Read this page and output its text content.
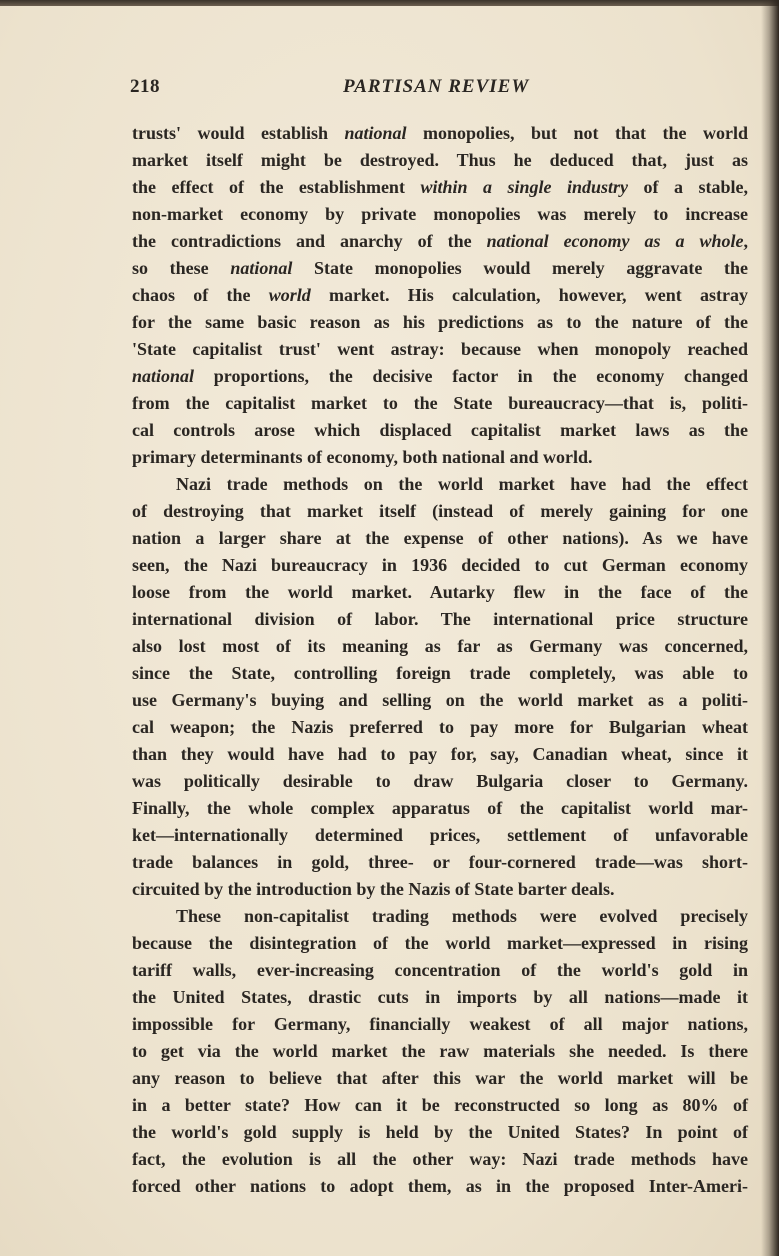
218	PARTISAN REVIEW
trusts' would establish national monopolies, but not that the world
market itself might be destroyed. Thus he deduced that, just as
the effect of the establishment within a single industry of a stable,
non-market economy by private monopolies was merely to increase
the contradictions and anarchy of the national economy as a whole,
so these national State monopolies would merely aggravate the
chaos of the world market. His calculation, however, went astray
for the same basic reason as his predictions as to the nature of the
'State capitalist trust' went astray: because when monopoly reached
national proportions, the decisive factor in the economy changed
from the capitalist market to the State bureaucracy—that is, politi-
cal controls arose which displaced capitalist market laws as the
primary determinants of economy, both national and world.
Nazi trade methods on the world market have had the effect
of destroying that market itself (instead of merely gaining for one
nation a larger share at the expense of other nations). As we have
seen, the Nazi bureaucracy in 1936 decided to cut German economy
loose from the world market. Autarky flew in the face of the
international division of labor. The international price structure
also lost most of its meaning as far as Germany was concerned,
since the State, controlling foreign trade completely, was able to
use Germany's buying and selling on the world market as a politi-
cal weapon; the Nazis preferred to pay more for Bulgarian wheat
than they would have had to pay for, say, Canadian wheat, since it
was politically desirable to draw Bulgaria closer to Germany.
Finally, the whole complex apparatus of the capitalist world mar-
ket—internationally determined prices, settlement of unfavorable
trade balances in gold, three- or four-cornered trade—was short-
circuited by the introduction by the Nazis of State barter deals.
These non-capitalist trading methods were evolved precisely
because the disintegration of the world market—expressed in rising
tariff walls, ever-increasing concentration of the world's gold in
the United States, drastic cuts in imports by all nations—made it
impossible for Germany, financially weakest of all major nations,
to get via the world market the raw materials she needed. Is there
any reason to believe that after this war the world market will be
in a better state? How can it be reconstructed so long as 80% of
the world's gold supply is held by the United States? In point of
fact, the evolution is all the other way: Nazi trade methods have
forced other nations to adopt them, as in the proposed Inter-Ameri-
